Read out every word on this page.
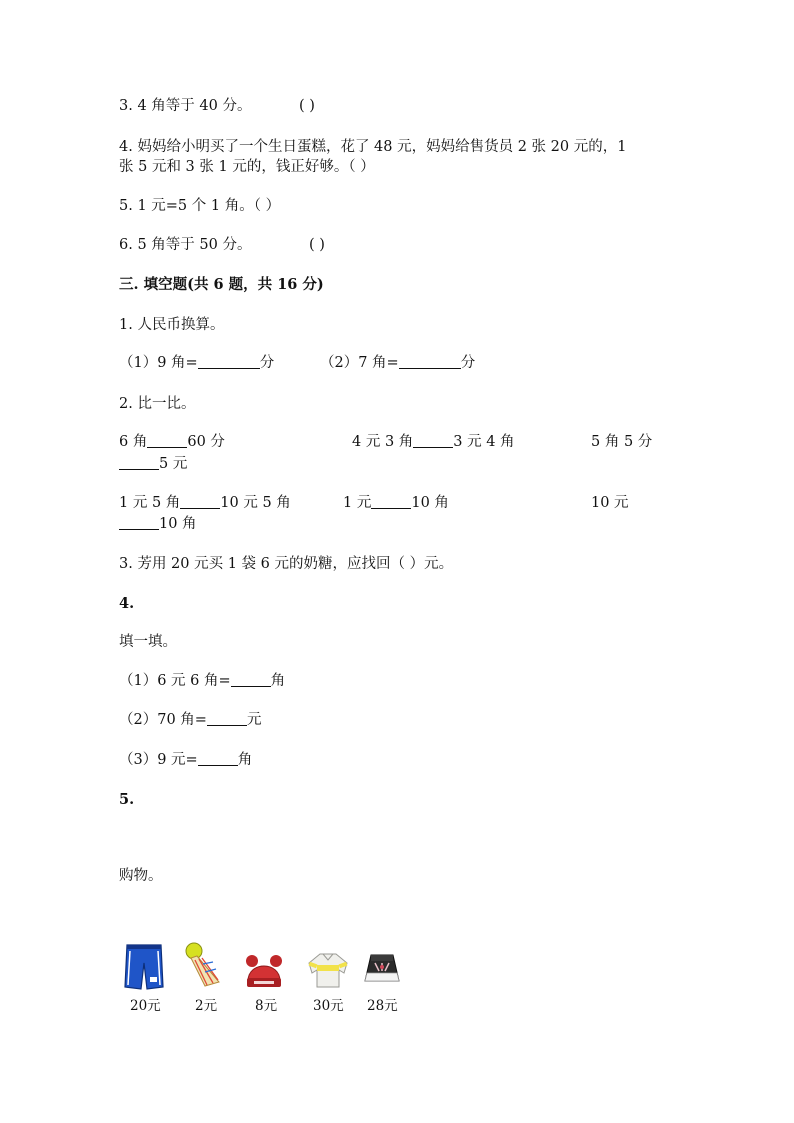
3. 4 角等于 40 分。	( )
4. 妈妈给小明买了一个生日蛋糕，花了 48 元，妈妈给售货员 2 张 20 元的，1
张 5 元和 3 张 1 元的，钱正好够。（ ）
5. 1 元=5 个 1 角。（ ）
6. 5 角等于 50 分。	( )
三. 填空题(共 6 题，共 16 分)
1. 人民币换算。
（1）9 角=	分	（2）7 角=	分
2. 比一比。
6 角	60 分	4 元 3 角	3 元 4 角	5 角 5 分
5 元
1 元 5 角	10 元 5 角	1 元	10 角	10 元
10 角
3. 芳用 20 元买 1 袋 6 元的奶糖，应找回（ ）元。
4.
填一填。
（1）6 元 6 角=	角
（2）70 角=	元
（3）9 元=	角
5.
购物。
20元	2元	8元	30元 28元
